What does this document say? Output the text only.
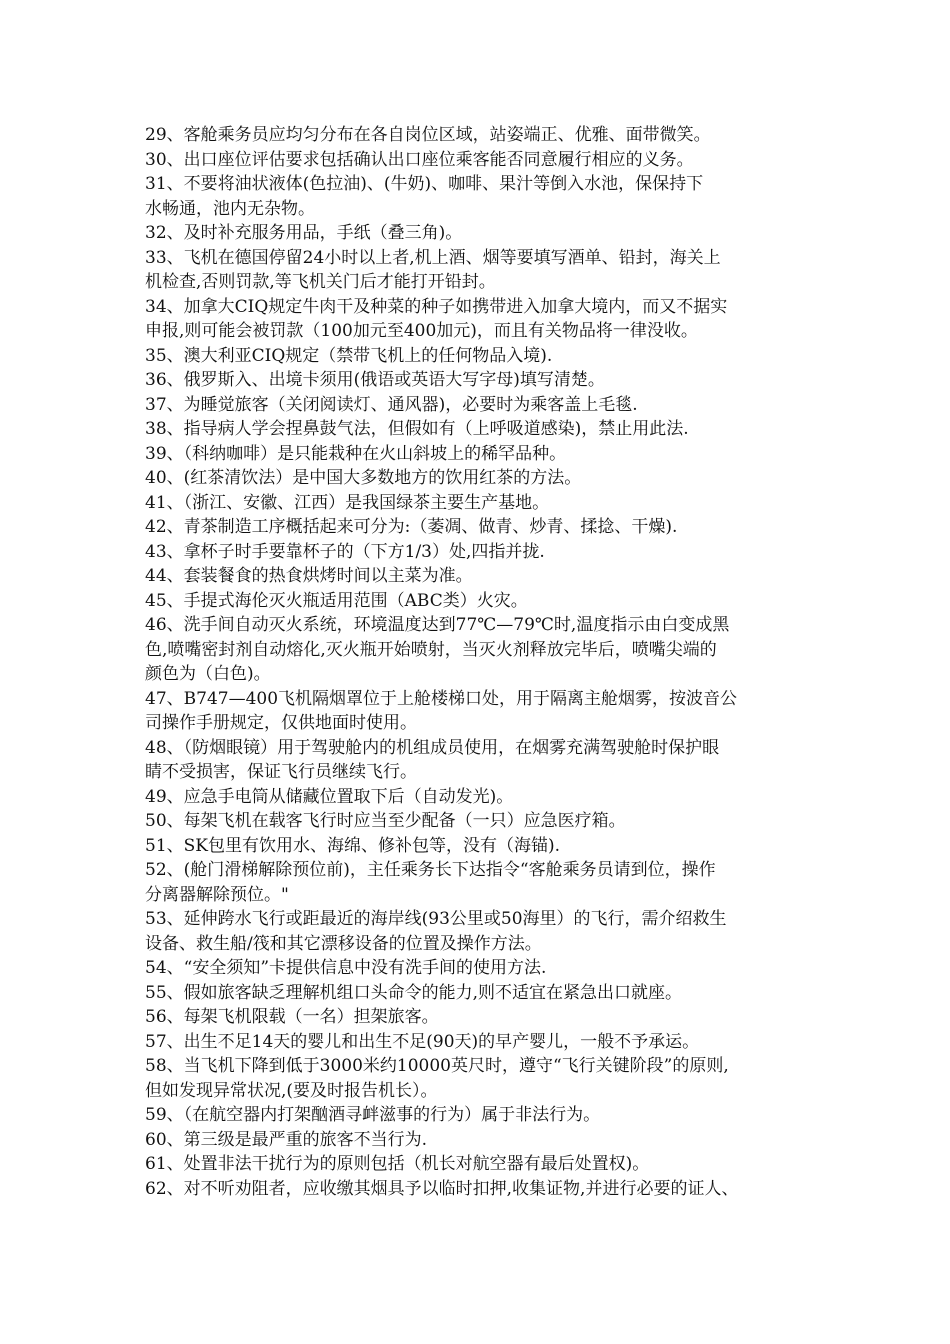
29、客舱乘务员应均匀分布在各自岗位区域，站姿端正、优雅、面带微笑。

30、出口座位评估要求包括确认出口座位乘客能否同意履行相应的义务。

31、不要将油状液体(色拉油)、(牛奶)、咖啡、果汁等倒入水池，保保持下

水畅通，池内无杂物。

32、及时补充服务用品，手纸（叠三角)。

33、飞机在德国停留24小时以上者,机上酒、烟等要填写酒单、铅封，海关上

机检查,否则罚款,等飞机关门后才能打开铅封。

34、加拿大CIQ规定牛肉干及种菜的种子如携带进入加拿大境内，而又不据实

申报,则可能会被罚款（100加元至400加元)，而且有关物品将一律没收。

35、澳大利亚CIQ规定（禁带飞机上的任何物品入境).

36、俄罗斯入、出境卡须用(俄语或英语大写字母)填写清楚。

37、为睡觉旅客（关闭阅读灯、通风器)，必要时为乘客盖上毛毯.

38、指导病人学会捏鼻鼓气法，但假如有（上呼吸道感染)，禁止用此法.

39、（科纳咖啡）是只能栽种在火山斜坡上的稀罕品种。

40、(红茶清饮法）是中国大多数地方的饮用红茶的方法。

41、（浙江、安徽、江西）是我国绿茶主要生产基地。

42、青茶制造工序概括起来可分为:（萎凋、做青、炒青、揉捻、干燥).

43、拿杯子时手要靠杯子的（下方1/3）处,四指并拢.

44、套装餐食的热食烘烤时间以主菜为准。

45、手提式海伦灭火瓶适用范围（ABC类）火灾。

46、洗手间自动灭火系统，环境温度达到77℃—79℃时,温度指示由白变成黑

色,喷嘴密封剂自动熔化,灭火瓶开始喷射，当灭火剂释放完毕后，喷嘴尖端的

颜色为（白色)。

47、B747—400飞机隔烟罩位于上舱楼梯口处，用于隔离主舱烟雾，按波音公

司操作手册规定，仅供地面时使用。

48、（防烟眼镜）用于驾驶舱内的机组成员使用，在烟雾充满驾驶舱时保护眼

睛不受损害，保证飞行员继续飞行。

49、应急手电筒从储藏位置取下后（自动发光)。

50、每架飞机在载客飞行时应当至少配备（一只）应急医疗箱。

51、SK包里有饮用水、海绵、修补包等，没有（海锚).

52、(舱门滑梯解除预位前)，主任乘务长下达指令“客舱乘务员请到位，操作

分离器解除预位。"

53、延伸跨水飞行或距最近的海岸线(93公里或50海里）的飞行，需介绍救生

设备、救生船/筏和其它漂移设备的位置及操作方法。

54、“安全须知”卡提供信息中没有洗手间的使用方法.

55、假如旅客缺乏理解机组口头命令的能力,则不适宜在紧急出口就座。

56、每架飞机限载（一名）担架旅客。

57、出生不足14天的婴儿和出生不足(90天)的早产婴儿，一般不予承运。

58、当飞机下降到低于3000米约10000英尺时，遵守“飞行关键阶段”的原则,

但如发现异常状况,(要及时报告机长）。

59、（在航空器内打架酗酒寻衅滋事的行为）属于非法行为。

60、第三级是最严重的旅客不当行为.

61、处置非法干扰行为的原则包括（机长对航空器有最后处置权)。

62、对不听劝阻者，应收缴其烟具予以临时扣押,收集证物,并进行必要的证人、
